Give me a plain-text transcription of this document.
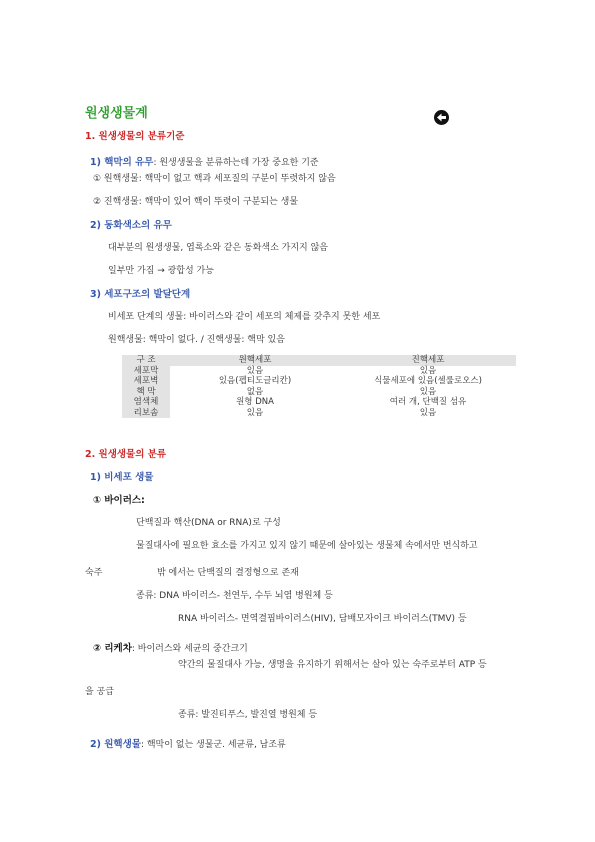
원생생물계
1. 원생생물의 분류기준
1) 핵막의 유무: 원생생물을 분류하는데 가장 중요한 기준
① 원핵생물: 핵막이 없고 핵과 세포질의 구분이 뚜렷하지 않음
② 진핵생물: 핵막이 있어 핵이 뚜렷이 구분되는 생물
2) 동화색소의 유무
대부분의 원생생물, 엽록소와 같은 동화색소 가지지 않음
일부만 가짐 → 광합성 가능
3) 세포구조의 발달단계
비세포 단계의 생물: 바이러스와 같이 세포의 체제를 갖추지 못한 세포
원핵생물: 핵막이 없다. / 진핵생물: 핵막 있음
구 조	원핵세포	진핵세포
세포막	있음	있음
세포벽	있음(펩티도글리칸)	식물세포에 있음(셀룰로오스)
핵 막	없음	있음
염색체	원형 DNA	여러 개, 단백질 섬유
리보솜	있음	있음
2. 원생생물의 분류
1) 비세포 생물
① 바이러스:
단백질과 핵산(DNA or RNA)로 구성
물질대사에 필요한 효소를 가지고 있지 않기 때문에 살아있는 생물체 속에서만 번식하고
숙주	밖 에서는 단백질의 결정형으로 존재
종류: DNA 바이러스- 천연두, 수두 뇌염 병원체 등
RNA 바이러스- 면역결핍바이러스(HIV), 담배모자이크 바이러스(TMV) 등
② 리케차: 바이러스와 세균의 중간크기
약간의 물질대사 가능, 생명을 유지하기 위해서는 살아 있는 숙주로부터 ATP 등
을 공급
종류: 발진티푸스, 발진열 병원체 등
2) 원핵생물: 핵막이 없는 생물군. 세균류, 남조류
